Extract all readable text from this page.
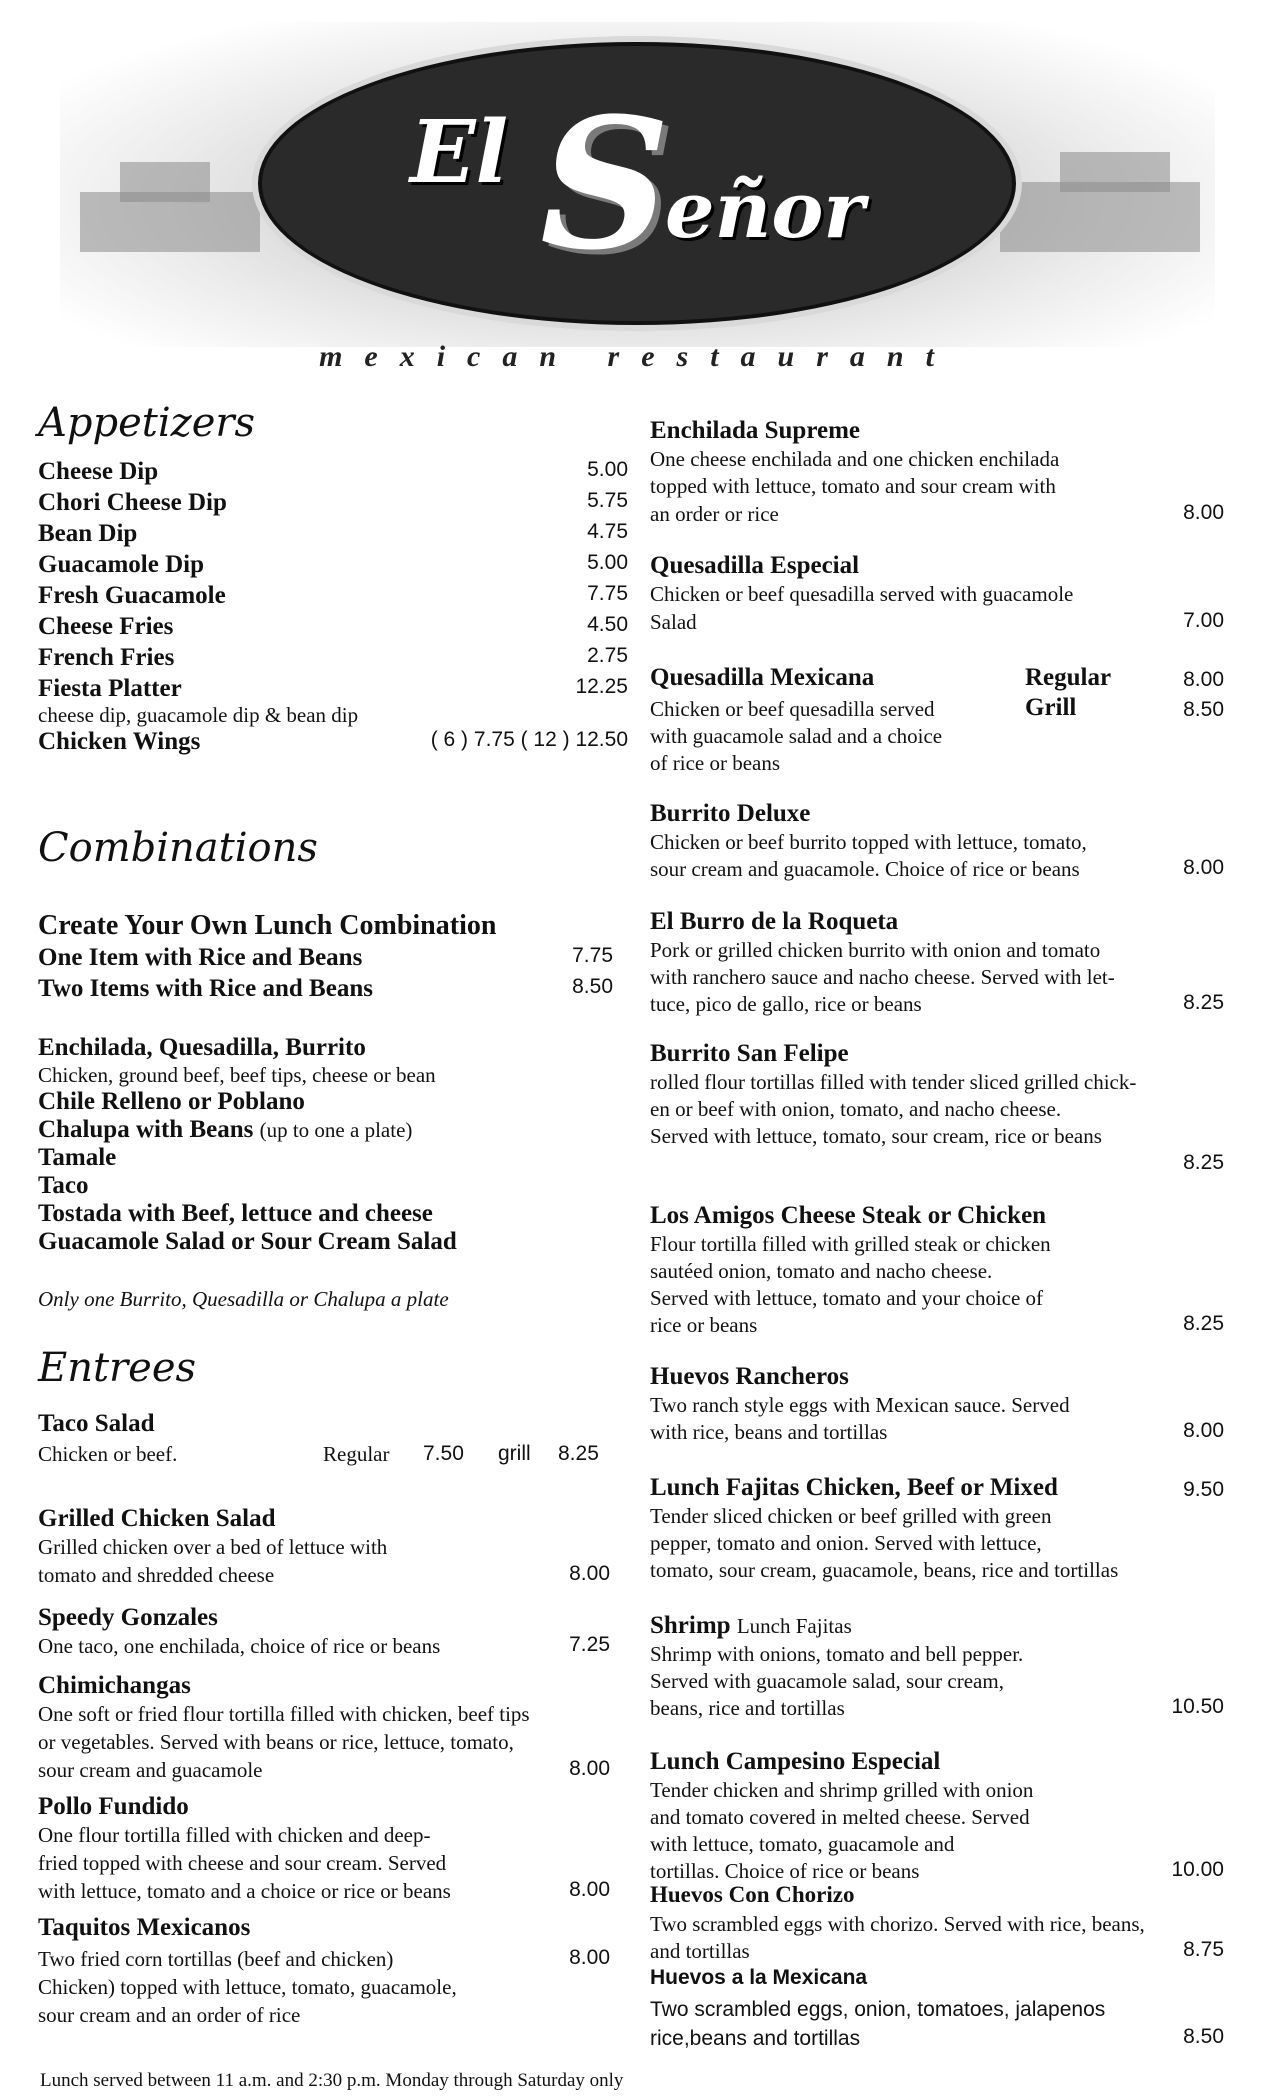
El S
eñor
mexican restaurant
Appetizers
Cheese Dip	5.00
Chori Cheese Dip	5.75
Bean Dip	4.75
Guacamole Dip	5.00
Fresh Guacamole	7.75
Cheese Fries	4.50
French Fries	2.75
Fiesta Platter	12.25
cheese dip, guacamole dip & bean dip
Chicken Wings	( 6 ) 7.75 ( 12 ) 12.50
Combinations
Create Your Own Lunch Combination
One Item with Rice and Beans	7.75
Two Items with Rice and Beans	8.50
Enchilada, Quesadilla, Burrito
Chicken, ground beef, beef tips, cheese or bean
Chile Relleno or Poblano
Chalupa with Beans (up to one a plate)
Tamale
Taco
Tostada with Beef, lettuce and cheese
Guacamole Salad or Sour Cream Salad
Only one Burrito, Quesadilla or Chalupa a plate
Entrees
Taco Salad
Chicken or beef.	Regular 7.50 grill 8.25
Grilled Chicken Salad
Grilled chicken over a bed of lettuce with
tomato and shredded cheese	8.00
Speedy Gonzales
One taco, one enchilada, choice of rice or beans	7.25
Chimichangas
One soft or fried flour tortilla filled with chicken, beef tips
or vegetables. Served with beans or rice, lettuce, tomato,
sour cream and guacamole	8.00
Pollo Fundido
One flour tortilla filled with chicken and deep-
fried topped with cheese and sour cream. Served
with lettuce, tomato and a choice or rice or beans	8.00
Taquitos Mexicanos
Two fried corn tortillas (beef and chicken)	8.00
Chicken) topped with lettuce, tomato, guacamole,
sour cream and an order of rice
Enchilada Supreme
One cheese enchilada and one chicken enchilada
topped with lettuce, tomato and sour cream with
an order or rice	8.00
Quesadilla Especial
Chicken or beef quesadilla served with guacamole
Salad	7.00
Quesadilla Mexicana	Regular	8.00
Chicken or beef quesadilla served	Grill	8.50
with guacamole salad and a choice
of rice or beans
Burrito Deluxe
Chicken or beef burrito topped with lettuce, tomato,
sour cream and guacamole. Choice of rice or beans	8.00
El Burro de la Roqueta
Pork or grilled chicken burrito with onion and tomato
with ranchero sauce and nacho cheese. Served with let-
tuce, pico de gallo, rice or beans	8.25
Burrito San Felipe
rolled flour tortillas filled with tender sliced grilled chick-
en or beef with onion, tomato, and nacho cheese.
Served with lettuce, tomato, sour cream, rice or beans
8.25
Los Amigos Cheese Steak or Chicken
Flour tortilla filled with grilled steak or chicken
sautéed onion, tomato and nacho cheese.
Served with lettuce, tomato and your choice of
rice or beans	8.25
Huevos Rancheros
Two ranch style eggs with Mexican sauce. Served
with rice, beans and tortillas	8.00
Lunch Fajitas Chicken, Beef or Mixed	9.50
Tender sliced chicken or beef grilled with green
pepper, tomato and onion. Served with lettuce,
tomato, sour cream, guacamole, beans, rice and tortillas
Shrimp Lunch Fajitas
Shrimp with onions, tomato and bell pepper.
Served with guacamole salad, sour cream,
beans, rice and tortillas	10.50
Lunch Campesino Especial
Tender chicken and shrimp grilled with onion
and tomato covered in melted cheese. Served
with lettuce, tomato, guacamole and
tortillas. Choice of rice or beans	10.00
Huevos Con Chorizo
Two scrambled eggs with chorizo. Served with rice, beans,
and tortillas	8.75
Huevos a la Mexicana
Two scrambled eggs, onion, tomatoes, jalapenos
rice,beans and tortillas	8.50
Lunch served between 11 a.m. and 2:30 p.m. Monday through Saturday only
